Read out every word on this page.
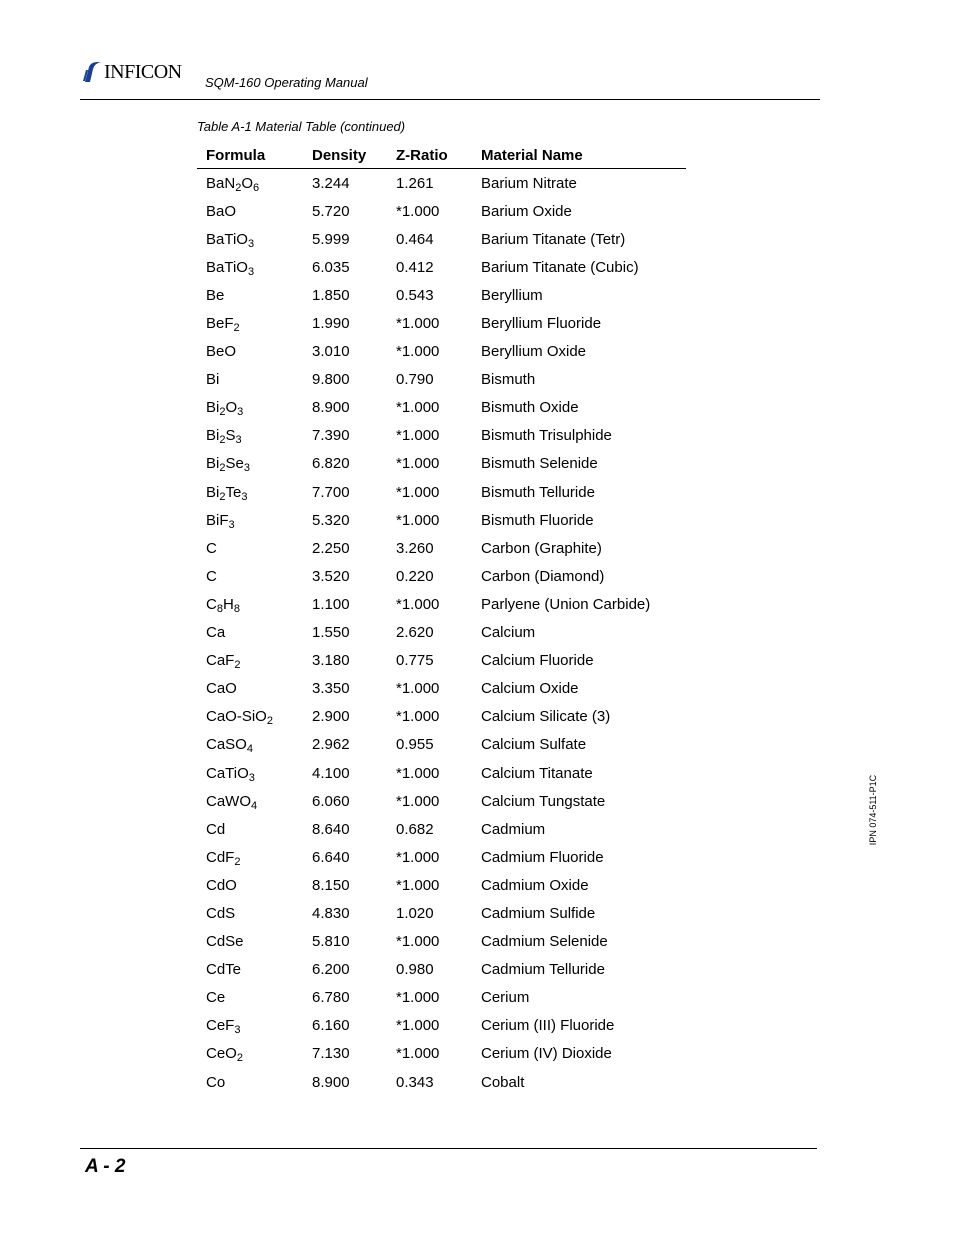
INFICON SQM-160 Operating Manual
Table A-1 Material Table (continued)
Formula	Density	Z-Ratio	Material Name
$BaN_2O_6$	3.244	1.261	Barium Nitrate
BaO	5.720	*1.000	Barium Oxide
BaTiO$_3$	5.999	0.464	Barium Titanate (Tetr)
BaTiO$_3$	6.035	0.412	Barium Titanate (Cubic)
Be	1.850	0.543	Beryllium
BeF$_2$	1.990	*1.000	Beryllium Fluoride
BeO	3.010	*1.000	Beryllium Oxide
Bi	9.800	0.790	Bismuth
$Bi_2O_3$	8.900	*1.000	Bismuth Oxide
$Bi_2S_3$	7.390	*1.000	Bismuth Trisulphide
$Bi_2Se_3$	6.820	*1.000	Bismuth Selenide
$Bi_2Te_3$	7.700	*1.000	Bismuth Telluride
BiF$_3$	5.320	*1.000	Bismuth Fluoride
C	2.250	3.260	Carbon (Graphite)
C	3.520	0.220	Carbon (Diamond)
$C_8H_8$	1.100	*1.000	Parlyene (Union Carbide)
Ca	1.550	2.620	Calcium
CaF$_2$	3.180	0.775	Calcium Fluoride
CaO	3.350	*1.000	Calcium Oxide
CaO-SiO$_2$	2.900	*1.000	Calcium Silicate (3)
CaSO$_4$	2.962	0.955	Calcium Sulfate
CaTiO$_3$	4.100	*1.000	Calcium Titanate
CaWO$_4$	6.060	*1.000	Calcium Tungstate
Cd	8.640	0.682	Cadmium
CdF$_2$	6.640	*1.000	Cadmium Fluoride
CdO	8.150	*1.000	Cadmium Oxide
CdS	4.830	1.020	Cadmium Sulfide
CdSe	5.810	*1.000	Cadmium Selenide
CdTe	6.200	0.980	Cadmium Telluride
Ce	6.780	*1.000	Cerium
CeF$_3$	6.160	*1.000	Cerium (III) Fluoride
CeO$_2$	7.130	*1.000	Cerium (IV) Dioxide
Co	8.900	0.343	Cobalt
IPN 074-511-P1C
A - 2
